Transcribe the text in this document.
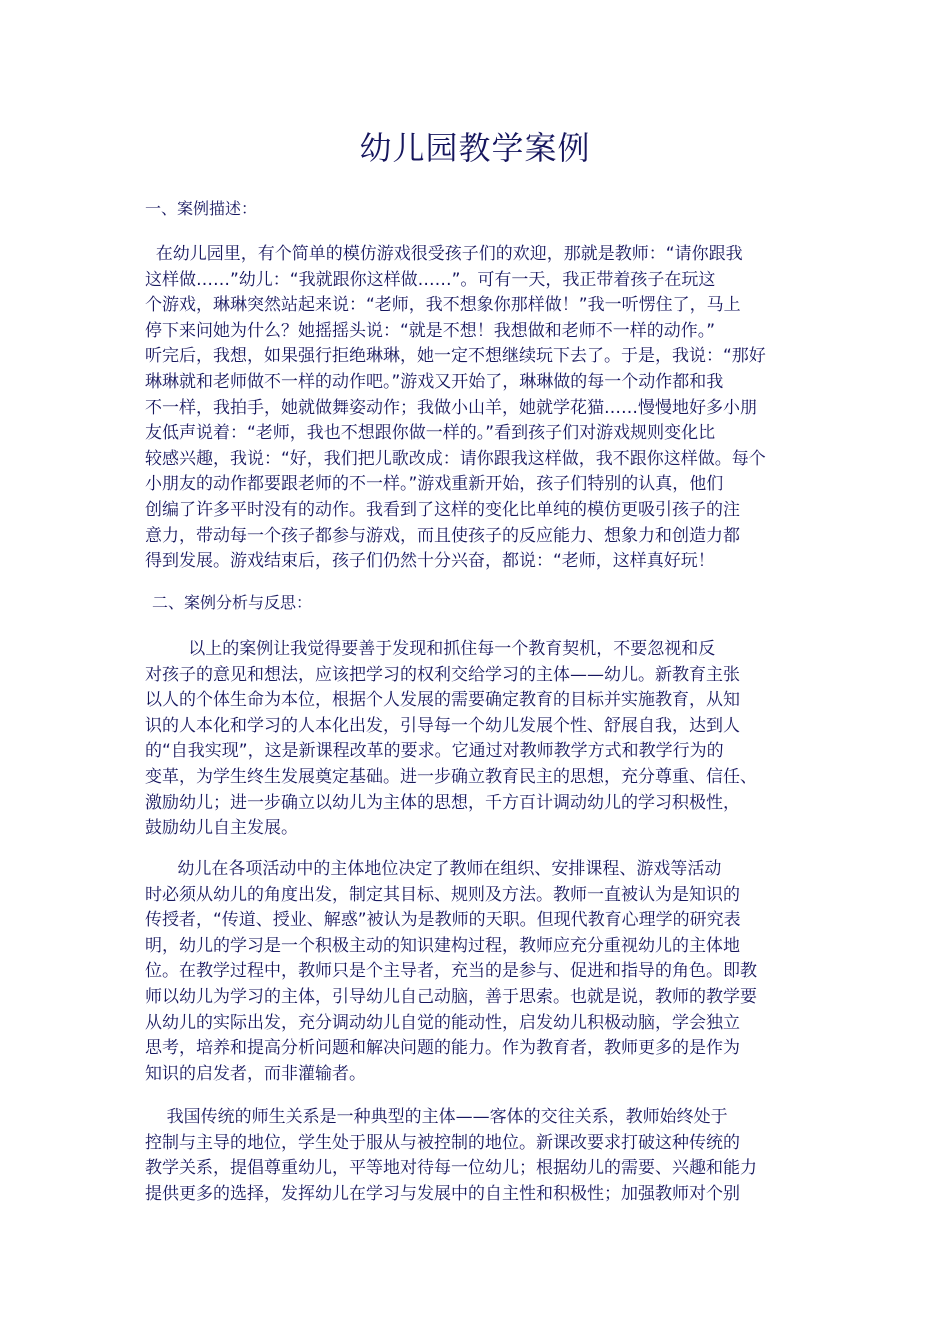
幼儿园教学案例

一、案例描述：

在幼儿园里，有个简单的模仿游戏很受孩子们的欢迎，那就是教师：“请你跟我
这样做……”幼儿：“我就跟你这样做……”。可有一天，我正带着孩子在玩这
个游戏，琳琳突然站起来说：“老师，我不想象你那样做！”我一听愣住了，马上
停下来问她为什么？她摇摇头说：“就是不想！我想做和老师不一样的动作。”
听完后，我想，如果强行拒绝琳琳，她一定不想继续玩下去了。于是，我说：“那好
琳琳就和老师做不一样的动作吧。”游戏又开始了，琳琳做的每一个动作都和我
不一样，我拍手，她就做舞姿动作；我做小山羊，她就学花猫……慢慢地好多小朋
友低声说着：“老师，我也不想跟你做一样的。”看到孩子们对游戏规则变化比
较感兴趣，我说：“好，我们把儿歌改成：请你跟我这样做，我不跟你这样做。每个
小朋友的动作都要跟老师的不一样。”游戏重新开始，孩子们特别的认真，他们
创编了许多平时没有的动作。我看到了这样的变化比单纯的模仿更吸引孩子的注
意力，带动每一个孩子都参与游戏，而且使孩子的反应能力、想象力和创造力都
得到发展。游戏结束后，孩子们仍然十分兴奋，都说：“老师，这样真好玩！

二、案例分析与反思：

以上的案例让我觉得要善于发现和抓住每一个教育契机，不要忽视和反
对孩子的意见和想法，应该把学习的权利交给学习的主体——幼儿。新教育主张
以人的个体生命为本位，根据个人发展的需要确定教育的目标并实施教育，从知
识的人本化和学习的人本化出发，引导每一个幼儿发展个性、舒展自我，达到人
的“自我实现”，这是新课程改革的要求。它通过对教师教学方式和教学行为的
变革，为学生终生发展奠定基础。进一步确立教育民主的思想，充分尊重、信任、
激励幼儿；进一步确立以幼儿为主体的思想，千方百计调动幼儿的学习积极性，
鼓励幼儿自主发展。
幼儿在各项活动中的主体地位决定了教师在组织、安排课程、游戏等活动
时必须从幼儿的角度出发，制定其目标、规则及方法。教师一直被认为是知识的
传授者，“传道、授业、解惑”被认为是教师的天职。但现代教育心理学的研究表
明，幼儿的学习是一个积极主动的知识建构过程，教师应充分重视幼儿的主体地
位。在教学过程中，教师只是个主导者，充当的是参与、促进和指导的角色。即教
师以幼儿为学习的主体，引导幼儿自己动脑，善于思索。也就是说，教师的教学要
从幼儿的实际出发，充分调动幼儿自觉的能动性，启发幼儿积极动脑，学会独立
思考，培养和提高分析问题和解决问题的能力。作为教育者，教师更多的是作为
知识的启发者，而非灌输者。
我国传统的师生关系是一种典型的主体——客体的交往关系，教师始终处于
控制与主导的地位，学生处于服从与被控制的地位。新课改要求打破这种传统的
教学关系，提倡尊重幼儿，平等地对待每一位幼儿；根据幼儿的需要、兴趣和能力
提供更多的选择，发挥幼儿在学习与发展中的自主性和积极性；加强教师对个别
